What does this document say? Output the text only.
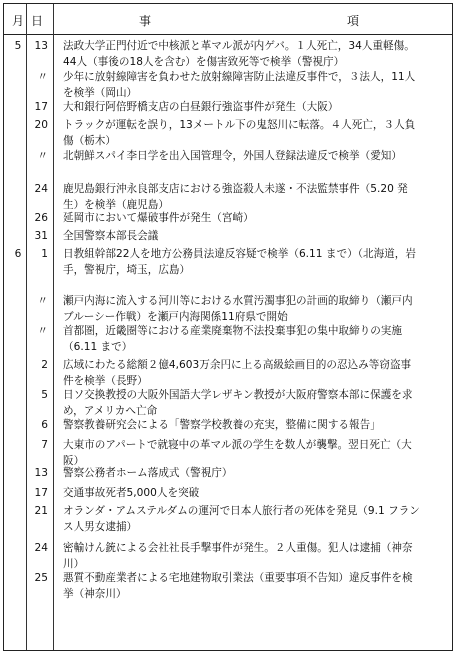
月 日	事	項
5	13 法政大学正門付近で中核派と革マル派が内ゲバ。１人死亡，34人重軽傷。
44人（事後の18人を含む）を傷害致死等で検挙（警視庁）
〃 少年に放射線障害を負わせた放射線障害防止法違反事件で，３法人，11人
を検挙（岡山）
17 大和銀行阿倍野橋支店の白昼銀行強盗事件が発生（大阪）
20 トラックが運転を誤り，13メートル下の鬼怒川に転落。４人死亡，３人負
傷（栃木）
〃 北朝鮮スパイ李日学を出入国管理令，外国人登録法違反で検挙（愛知）
24 鹿児島銀行沖永良部支店における強盗殺人未遂・不法監禁事件（5.20 発
生）を検挙（鹿児島）
26 延岡市において爆破事件が発生（宮崎）
31 全国警察本部長会議
6	1 日教組幹部22人を地方公務員法違反容疑で検挙（6.11 まで）（北海道，岩
手，警視庁，埼玉，広島）
〃 瀬戸内海に流入する河川等における水質汚濁事犯の計画的取締り（瀬戸内
ブルーシー作戦）を瀬戸内海関係11府県で開始
〃 首都圏，近畿圏等における産業廃棄物不法投棄事犯の集中取締りの実施
（6.11 まで）
2 広域にわたる総額２億4,603万余円に上る高級絵画目的の忍込み等窃盗事
件を検挙（長野）
5 日ソ交換教授の大阪外国語大学レザキン教授が大阪府警察本部に保護を求
め，アメリカへ亡命
6 警察教養研究会による「警察学校教養の充実，整備に関する報告」
7 大東市のアパートで就寝中の革マル派の学生を数人が襲撃。翌日死亡（大
阪）
13 警察公務者ホーム落成式（警視庁）
17 交通事故死者5,000人を突破
21 オランダ・アムステルダムの運河で日本人旅行者の死体を発見（9.1 フラン
ス人男女逮捕）
24 密輸けん銃による会社社長手撃事件が発生。２人重傷。犯人は逮捕（神奈
川）
25 悪質不動産業者による宅地建物取引業法（重要事項不告知）違反事件を検
挙（神奈川）
